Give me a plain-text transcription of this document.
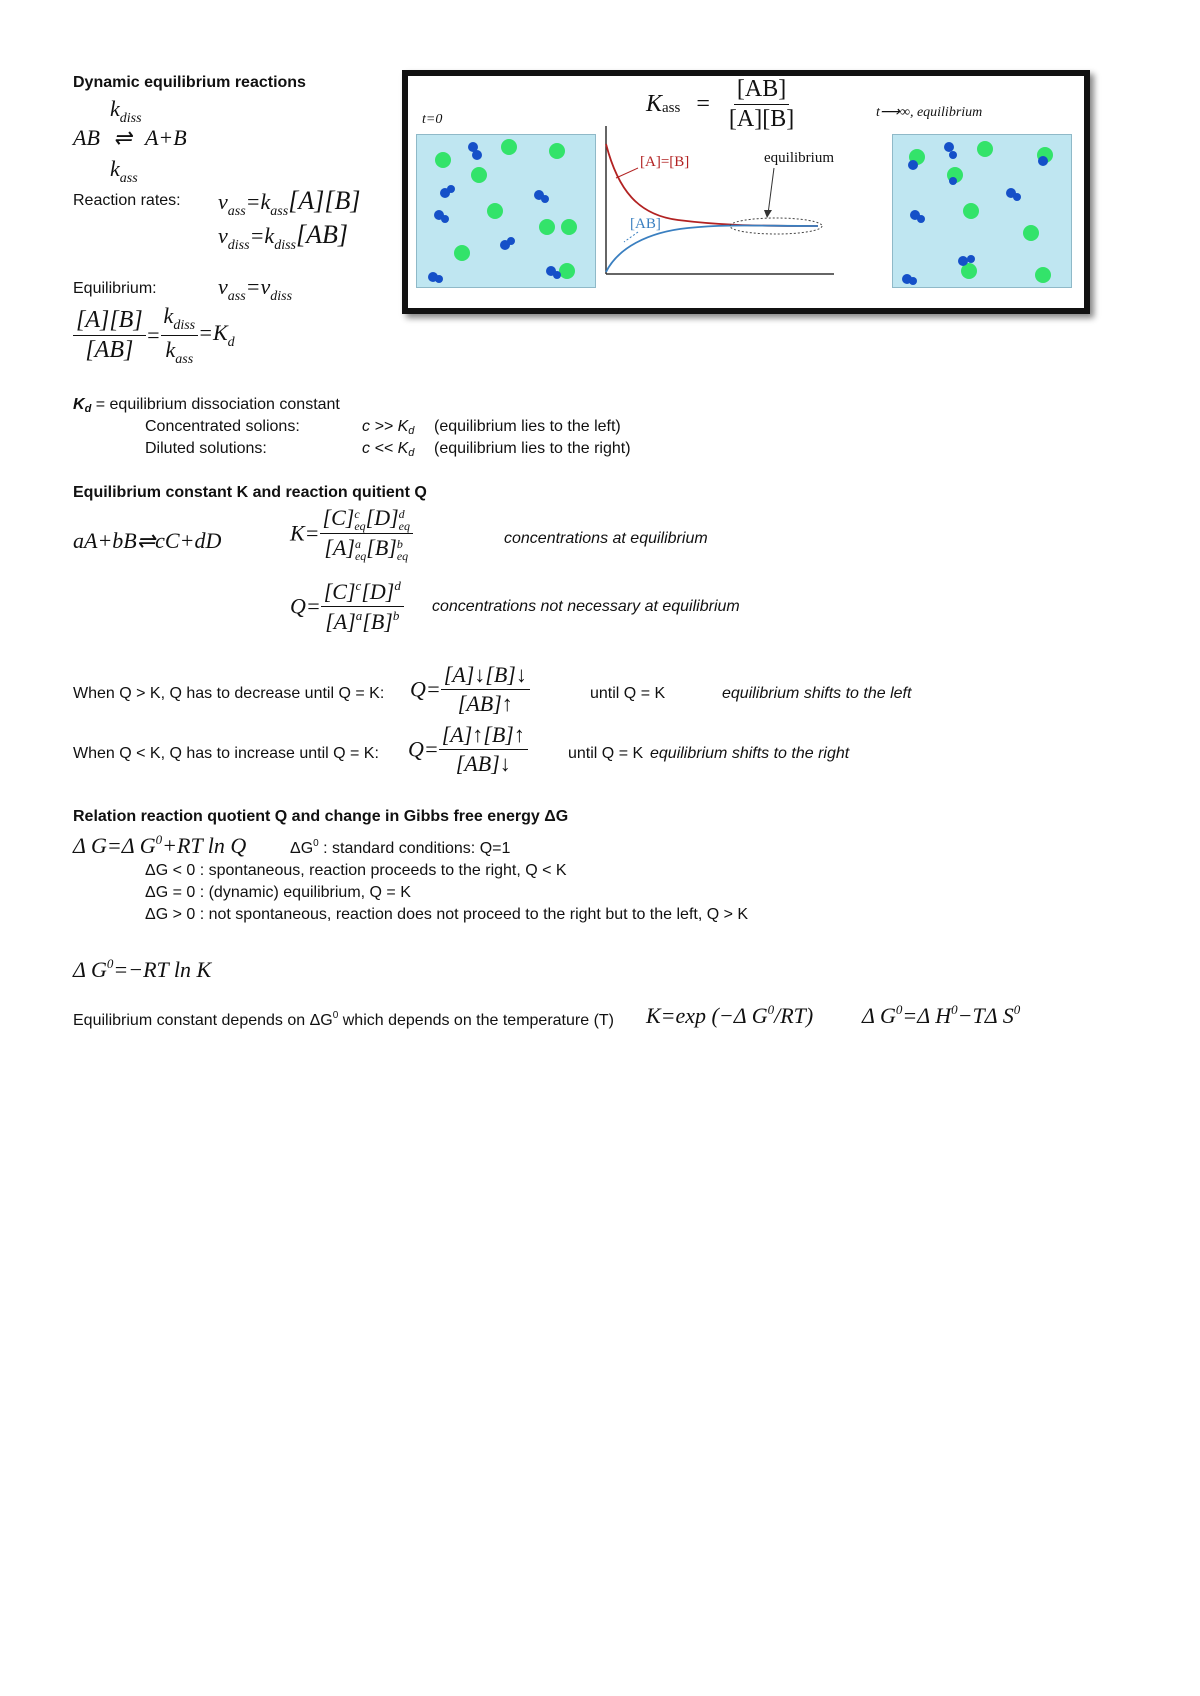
Dynamic equilibrium reactions
$k_{diss}$
AB ⇌ A+B
$k_{ass}$
Reaction rates: $v_{ass}=k_{ass}[A][B]$
$v_{diss}=k_{diss}[AB]$
Equilibrium:	$v_{ass}=v_{diss}$
$\frac{[A][B]}{[AB]} = \frac{k_{diss}}{k_{ass}} =K_d$
t=0
Kass = $\frac{[AB]}{[A][B]}$
[A]=[B]
[AB]
equilibrium
t⟶∞, equilibrium
$K_d$ = equilibrium dissociation constant
Concentrated solions:	$c >> K_d$ (equilibrium lies to the left)
Diluted solutions:	$c << K_d$ (equilibrium lies to the right)
Equilibrium constant K and reaction quitient Q
aA+bB⇌cC+dD	K= [C] c
eq [D] d
eq
[A] a
eq [B] b
eq	concentrations at equilibrium
$Q= \frac{[C]^c[D]^d}{[A]^a[B]^b}$ concentrations not necessary at equilibrium
When Q > K, Q has to decrease until Q = K: $Q= \frac{[A]↓[B]↓}{[AB]↑}$	until Q = K	equilibrium shifts to the left
When Q < K, Q has to increase until Q = K: $Q= \frac{[A]↑[B]↑}{[AB]↓}$	until Q = K equilibrium shifts to the right
Relation reaction quotient Q and change in Gibbs free energy ΔG
Δ G=Δ $G^0+RT$ ln Q	$\Delta G^0$ : standard conditions: Q=1
ΔG < 0 : spontaneous, reaction proceeds to the right, Q < K
ΔG = 0 : (dynamic) equilibrium, Q = K
ΔG > 0 : not spontaneous, reaction does not proceed to the right but to the left, Q > K
Δ $G^0=-RT$ ln K
Equilibrium constant depends on $\Delta G^0$ which depends on the temperature (T) K=exp (−Δ $G^0/RT$) Δ $G^0=\Delta$ $H^0-T\Delta$ $S^0$
